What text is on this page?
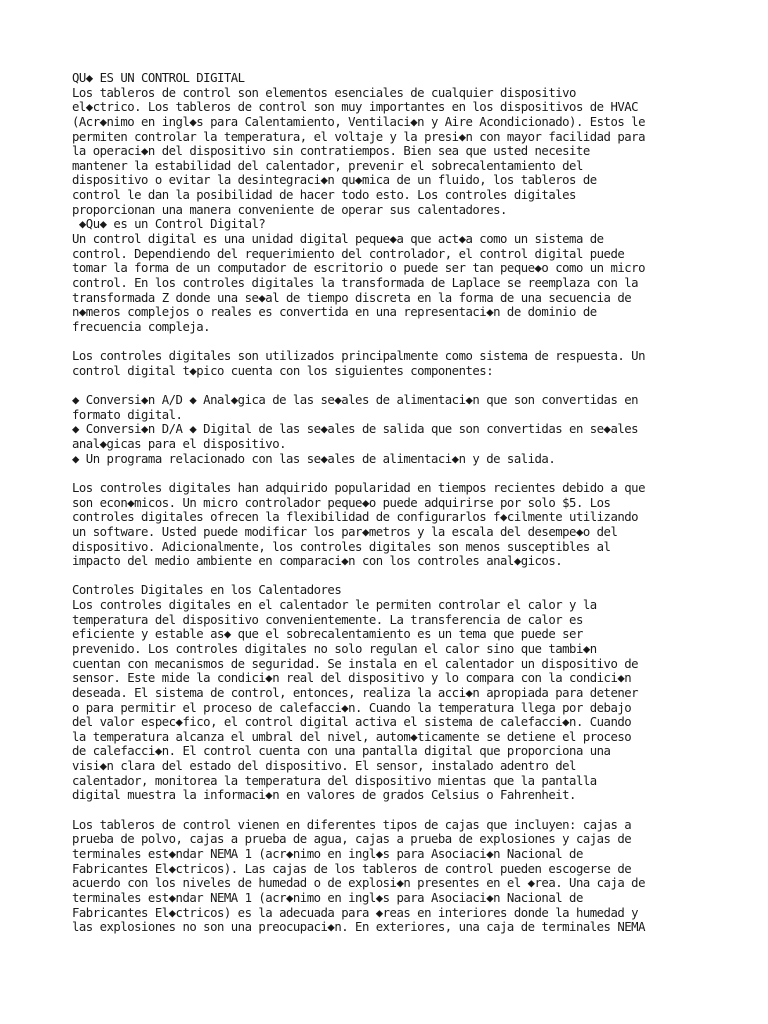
QU◆ ES UN CONTROL DIGITAL
Los tableros de control son elementos esenciales de cualquier dispositivo
el◆ctrico. Los tableros de control son muy importantes en los dispositivos de HVAC
(Acr◆nimo en ingl◆s para Calentamiento, Ventilaci◆n y Aire Acondicionado). Estos le
permiten controlar la temperatura, el voltaje y la presi◆n con mayor facilidad para
la operaci◆n del dispositivo sin contratiempos. Bien sea que usted necesite
mantener la estabilidad del calentador, prevenir el sobrecalentamiento del
dispositivo o evitar la desintegraci◆n qu◆mica de un fluido, los tableros de
control le dan la posibilidad de hacer todo esto. Los controles digitales
proporcionan una manera conveniente de operar sus calentadores.
◆Qu◆ es un Control Digital?
Un control digital es una unidad digital peque◆a que act◆a como un sistema de
control. Dependiendo del requerimiento del controlador, el control digital puede
tomar la forma de un computador de escritorio o puede ser tan peque◆o como un micro
control. En los controles digitales la transformada de Laplace se reemplaza con la
transformada Z donde una se◆al de tiempo discreta en la forma de una secuencia de
n◆meros complejos o reales es convertida en una representaci◆n de dominio de
frecuencia compleja.

Los controles digitales son utilizados principalmente como sistema de respuesta. Un
control digital t◆pico cuenta con los siguientes componentes:

◆ Conversi◆n A/D ◆ Anal◆gica de las se◆ales de alimentaci◆n que son convertidas en
formato digital.
◆ Conversi◆n D/A ◆ Digital de las se◆ales de salida que son convertidas en se◆ales
anal◆gicas para el dispositivo.
◆ Un programa relacionado con las se◆ales de alimentaci◆n y de salida.

Los controles digitales han adquirido popularidad en tiempos recientes debido a que
son econ◆micos. Un micro controlador peque◆o puede adquirirse por solo $5. Los
controles digitales ofrecen la flexibilidad de configurarlos f◆cilmente utilizando
un software. Usted puede modificar los par◆metros y la escala del desempe◆o del
dispositivo. Adicionalmente, los controles digitales son menos susceptibles al
impacto del medio ambiente en comparaci◆n con los controles anal◆gicos.

Controles Digitales en los Calentadores
Los controles digitales en el calentador le permiten controlar el calor y la
temperatura del dispositivo convenientemente. La transferencia de calor es
eficiente y estable as◆ que el sobrecalentamiento es un tema que puede ser
prevenido. Los controles digitales no solo regulan el calor sino que tambi◆n
cuentan con mecanismos de seguridad. Se instala en el calentador un dispositivo de
sensor. Este mide la condici◆n real del dispositivo y lo compara con la condici◆n
deseada. El sistema de control, entonces, realiza la acci◆n apropiada para detener
o para permitir el proceso de calefacci◆n. Cuando la temperatura llega por debajo
del valor espec◆fico, el control digital activa el sistema de calefacci◆n. Cuando
la temperatura alcanza el umbral del nivel, autom◆ticamente se detiene el proceso
de calefacci◆n. El control cuenta con una pantalla digital que proporciona una
visi◆n clara del estado del dispositivo. El sensor, instalado adentro del
calentador, monitorea la temperatura del dispositivo mientas que la pantalla
digital muestra la informaci◆n en valores de grados Celsius o Fahrenheit.

Los tableros de control vienen en diferentes tipos de cajas que incluyen: cajas a
prueba de polvo, cajas a prueba de agua, cajas a prueba de explosiones y cajas de
terminales est◆ndar NEMA 1 (acr◆nimo en ingl◆s para Asociaci◆n Nacional de
Fabricantes El◆ctricos). Las cajas de los tableros de control pueden escogerse de
acuerdo con los niveles de humedad o de explosi◆n presentes en el ◆rea. Una caja de
terminales est◆ndar NEMA 1 (acr◆nimo en ingl◆s para Asociaci◆n Nacional de
Fabricantes El◆ctricos) es la adecuada para ◆reas en interiores donde la humedad y
las explosiones no son una preocupaci◆n. En exteriores, una caja de terminales NEMA
